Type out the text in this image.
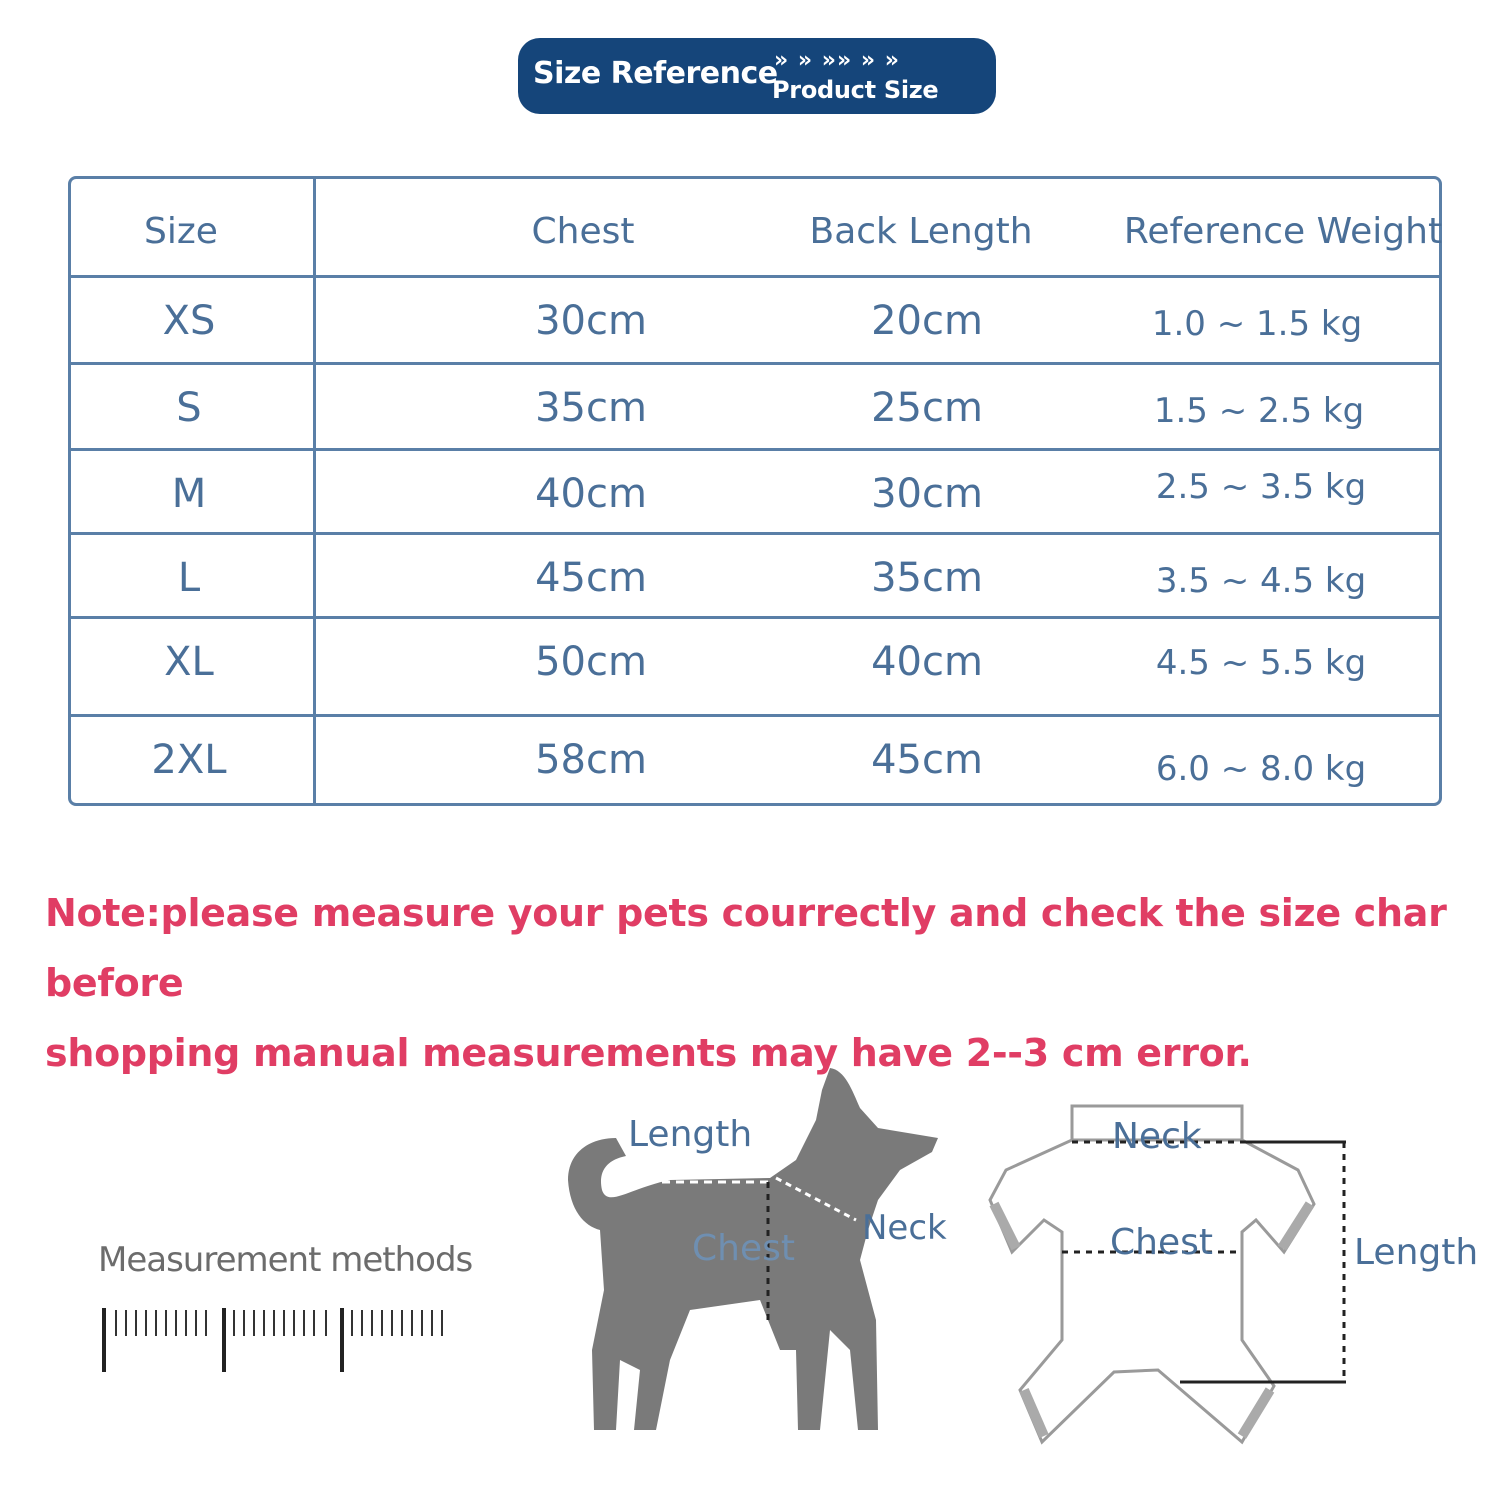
Size Reference
» » »» » »
Product Size
Size	Chest	Back Length	Reference Weight
XS	30cm	20cm	1.0 ~ 1.5 kg
S	35cm	25cm	1.5 ~ 2.5 kg
M	40cm	30cm	2.5 ~ 3.5 kg
L	45cm	35cm	3.5 ~ 4.5 kg
XL	50cm	40cm	4.5 ~ 5.5 kg
2XL	58cm	45cm	6.0 ~ 8.0 kg
Note:please measure your pets courrectly and check the size char before
shopping manual measurements may have 2--3 cm error.
Measurement methods
Length
Chest Neck
Neck
Chest	Length
